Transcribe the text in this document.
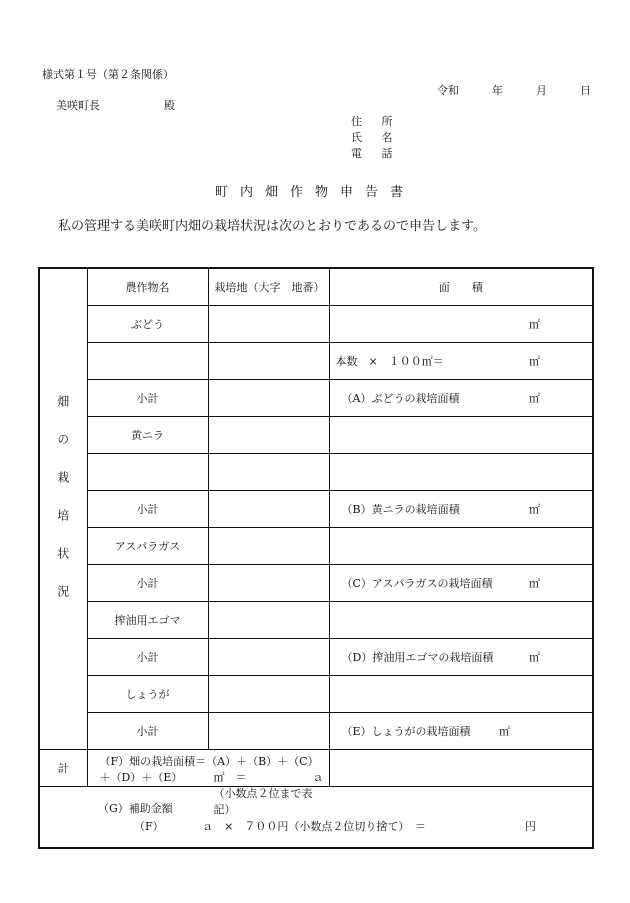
様式第１号（第２条関係）
令和　　　年　　　月　　　日
美咲町長	殿
住 所
氏 名
電 話
町内畑作物申告書
私の管理する美咲町内畑の栽培状況は次のとおりであるので申告します。
畑の栽培状況	農作物名	栽培地（大字　地番）	面　　積
	ぶどう		㎡

			本数　×　１００㎡＝ ㎡

	小計		（A）ぶどうの栽培面積 ㎡

	黄ニラ		

	小計		（B）黄ニラの栽培面積 ㎡

	アスパラガス		
	小計		（C）アスパラガスの栽培面積 ㎡

	搾油用エゴマ		
	小計		（D）搾油用エゴマの栽培面積 ㎡

	しょうが		
	小計		（E）しょうがの栽培面積 ㎡

計	（F）畑の栽培面積＝（A）＋（B）＋（C）＋（D）＋（E） ㎡　＝　　　　　　ａ（小数点２位まで表記）		

（G）補助金額
（F）　　　　ａ　×　７００円（小数点２位切り捨て）　＝　　　　　　　　　円			
